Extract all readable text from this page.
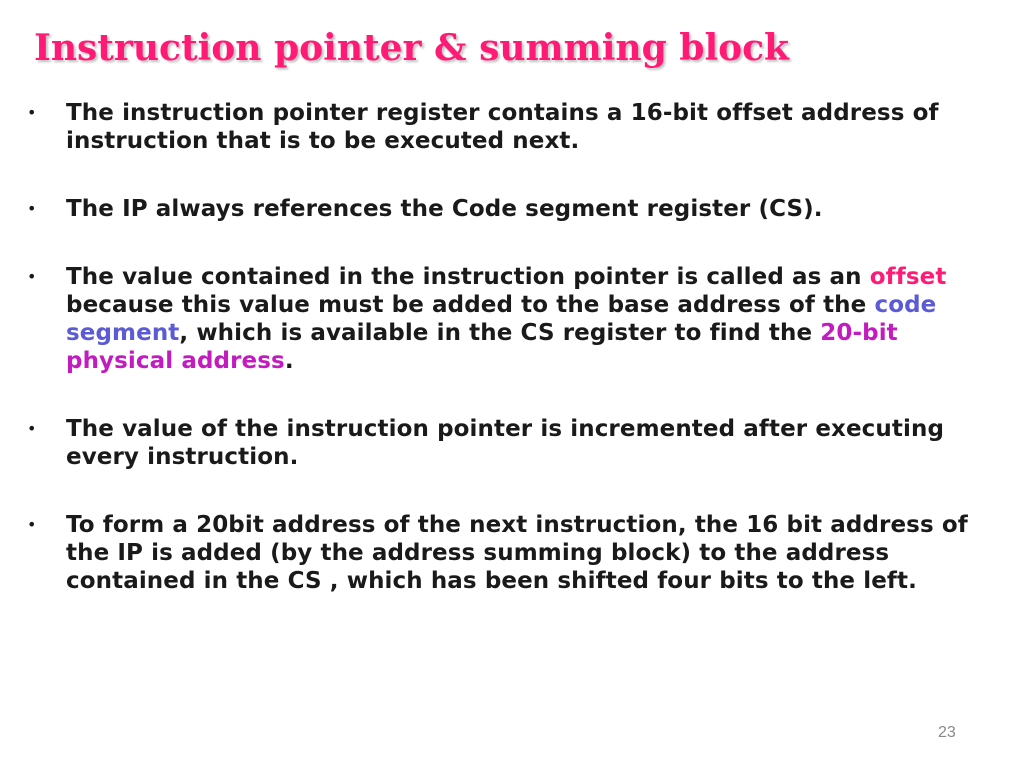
Instruction pointer & summing block
• The instruction pointer register contains a 16-bit offset address of instruction that is to be executed next.
• The IP always references the Code segment register (CS).
• The value contained in the instruction pointer is called as an offset because this value must be added to the base address of the code segment, which is available in the CS register to find the 20-bit physical address.
• The value of the instruction pointer is incremented after executing every instruction.
• To form a 20bit address of the next instruction, the 16 bit address of the IP is added (by the address summing block) to the address contained in the CS , which has been shifted four bits to the left.
23
